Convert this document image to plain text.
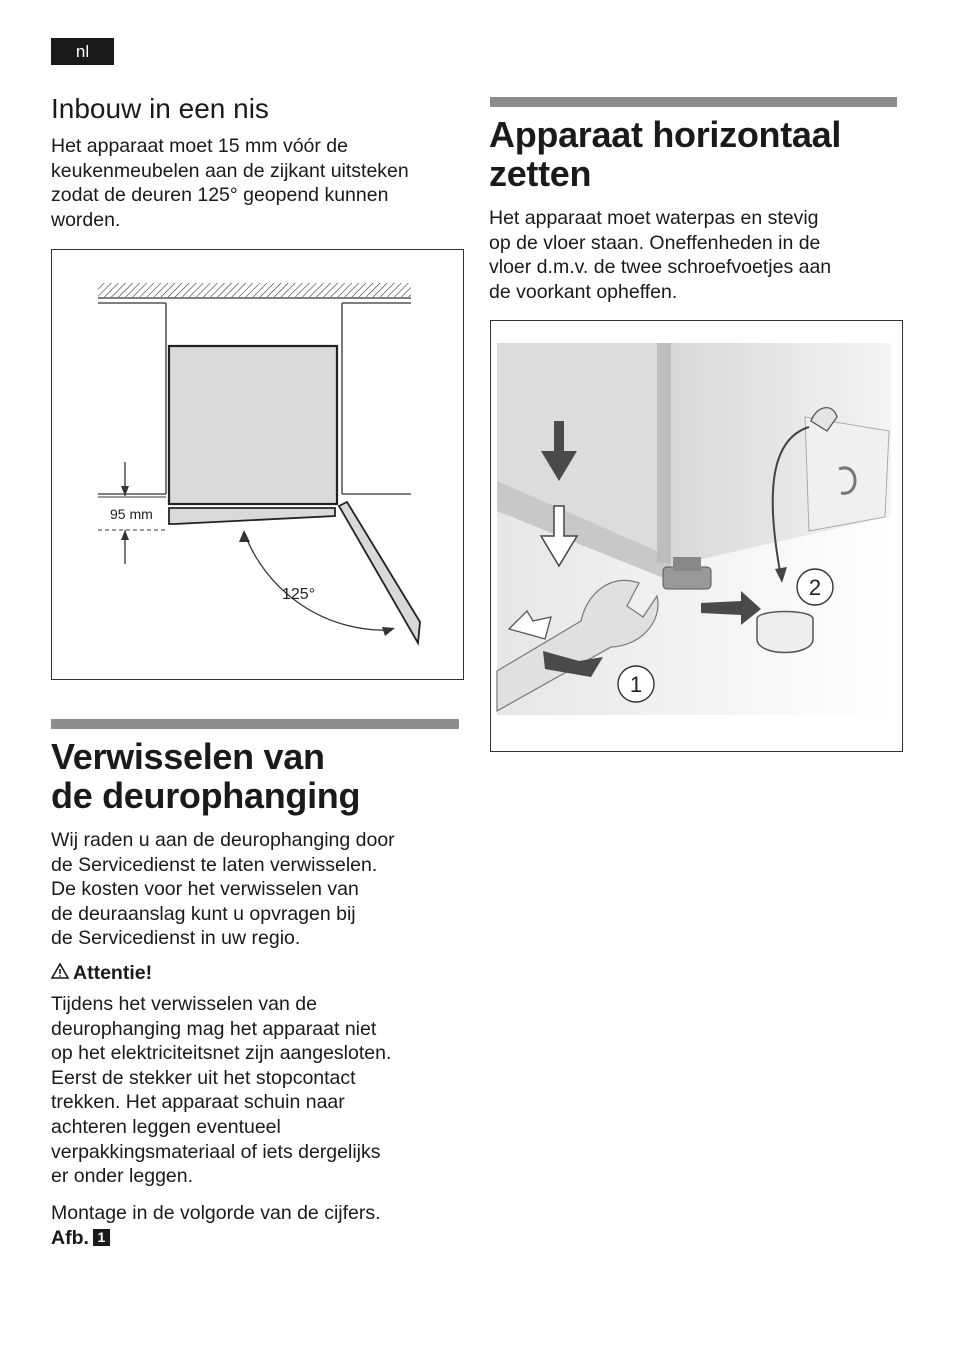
nl
Inbouw in een nis
Het apparaat moet 15 mm vóór de
keukenmeubelen aan de zijkant uitsteken
zodat de deuren 125° geopend kunnen
worden.
95 mm
125°
Verwisselen van
de deurophanging
Wij raden u aan de deurophanging door
de Servicedienst te laten verwisselen.
De kosten voor het verwisselen van
de deuraanslag kunt u opvragen bij
de Servicedienst in uw regio.
Attentie!
Tijdens het verwisselen van de
deurophanging mag het apparaat niet
op het elektriciteitsnet zijn aangesloten.
Eerst de stekker uit het stopcontact
trekken. Het apparaat schuin naar
achteren leggen eventueel
verpakkingsmateriaal of iets dergelijks
er onder leggen.
Montage in de volgorde van de cijfers.
Afb. 1
Apparaat horizontaal
zetten
Het apparaat moet waterpas en stevig
op de vloer staan. Oneffenheden in de
vloer d.m.v. de twee schroefvoetjes aan
de voorkant opheffen.
2
1
